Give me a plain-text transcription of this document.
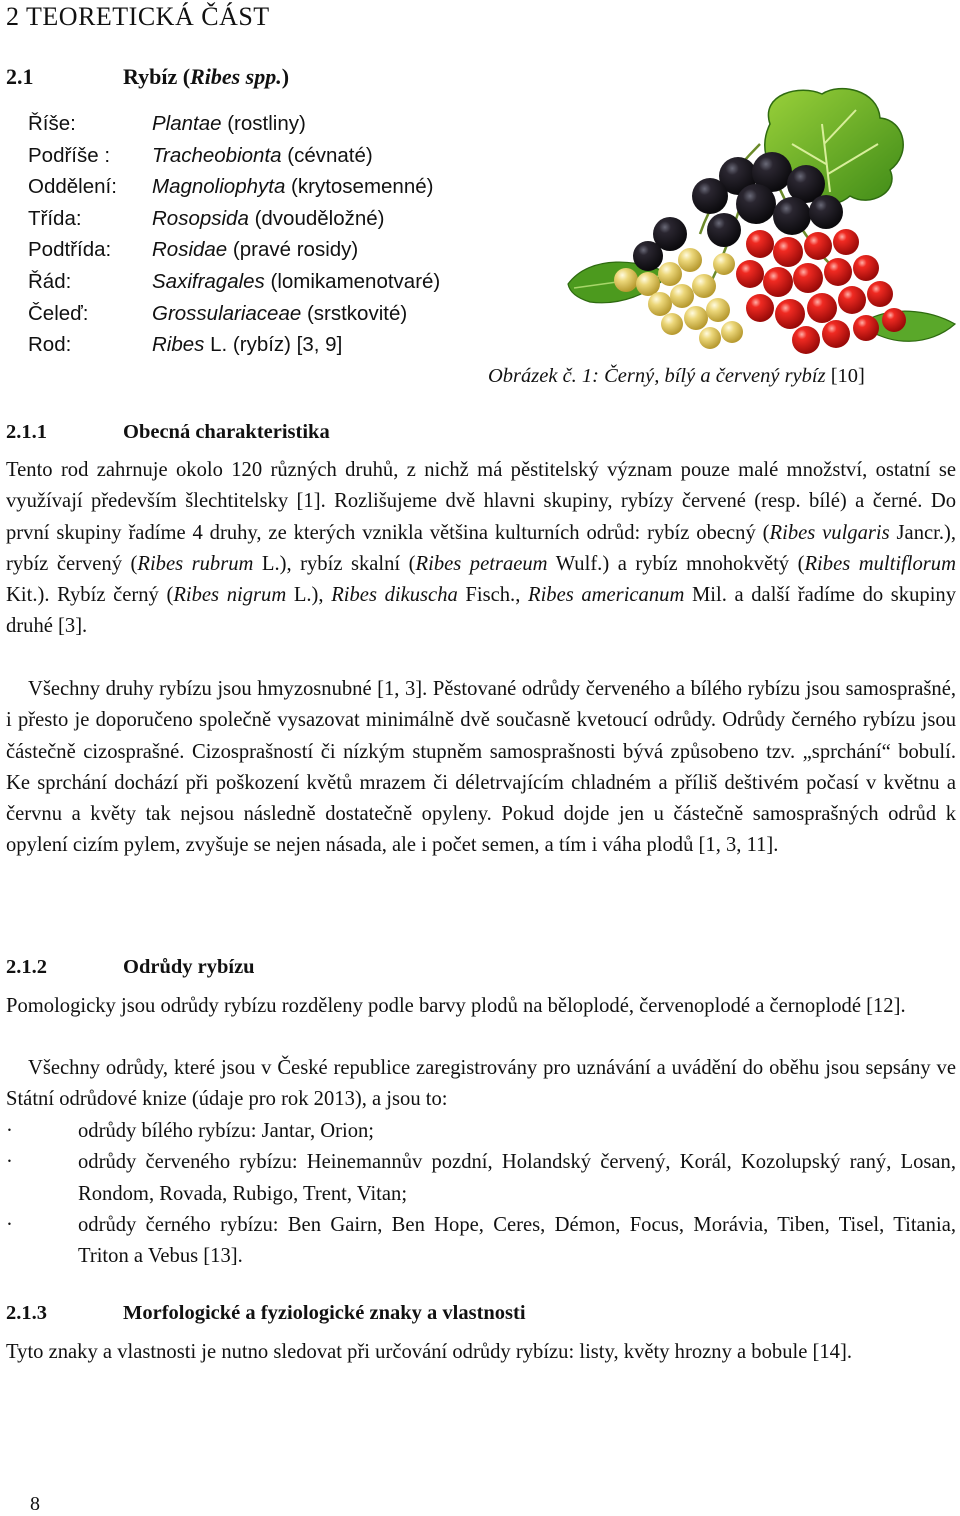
2 TEORETICKÁ ČÁST
2.1	Rybíz (Ribes spp.)
Říše:	Plantae (rostliny)
Podříše :	Tracheobionta (cévnaté)
Oddělení:	Magnoliophyta (krytosemenné)
Třída:	Rosopsida (dvouděložné)
Podtřída:	Rosidae (pravé rosidy)
Řád:	Saxifragales (lomikamenotvaré)
Čeleď:	Grossulariaceae (srstkovité)
Rod:	Ribes L. (rybíz) [3, 9]
Obrázek č. 1: Černý, bílý a červený rybíz [10]
2.1.1	Obecná charakteristika
Tento rod zahrnuje okolo 120 různých druhů, z nichž má pěstitelský význam pouze malé množství, ostatní se využívají především šlechtitelsky [1]. Rozlišujeme dvě hlavni skupiny, rybízy červené (resp. bílé) a černé. Do první skupiny řadíme 4 druhy, ze kterých vznikla většina kulturních odrůd: rybíz obecný (Ribes vulgaris Jancr.), rybíz červený (Ribes rubrum L.), rybíz skalní (Ribes petraeum Wulf.) a rybíz mnohokvětý (Ribes multiflorum Kit.). Rybíz černý (Ribes nigrum L.), Ribes dikuscha Fisch., Ribes americanum Mil. a další řadíme do skupiny druhé [3].
Všechny druhy rybízu jsou hmyzosnubné [1, 3]. Pěstované odrůdy červeného a bílého rybízu jsou samosprašné, i přesto je doporučeno společně vysazovat minimálně dvě současně kvetoucí odrůdy. Odrůdy černého rybízu jsou částečně cizosprašné. Cizosprašností či nízkým stupněm samosprašnosti bývá způsobeno tzv. „sprchání“ bobulí. Ke sprchání dochází při poškození květů mrazem či déletrvajícím chladném a příliš deštivém počasí v květnu a červnu a květy tak nejsou následně dostatečně opyleny. Pokud dojde jen u částečně samosprašných odrůd k opylení cizím pylem, zvyšuje se nejen násada, ale i počet semen, a tím i váha plodů [1, 3, 11].
2.1.2	Odrůdy rybízu
Pomologicky jsou odrůdy rybízu rozděleny podle barvy plodů na běloplodé, červenoplodé a černoplodé [12].
Všechny odrůdy, které jsou v České republice zaregistrovány pro uznávání a uvádění do oběhu jsou sepsány ve Státní odrůdové knize (údaje pro rok 2013), a jsou to:
·	odrůdy bílého rybízu: Jantar, Orion;
·	odrůdy červeného rybízu: Heinemannův pozdní, Holandský červený, Korál, Kozolupský raný, Losan, Rondom, Rovada, Rubigo, Trent, Vitan;
·	odrůdy černého rybízu: Ben Gairn, Ben Hope, Ceres, Démon, Focus, Morávia, Tiben, Tisel, Titania, Triton a Vebus [13].
2.1.3	Morfologické a fyziologické znaky a vlastnosti
Tyto znaky a vlastnosti je nutno sledovat při určování odrůdy rybízu: listy, květy hrozny a bobule [14].
8
